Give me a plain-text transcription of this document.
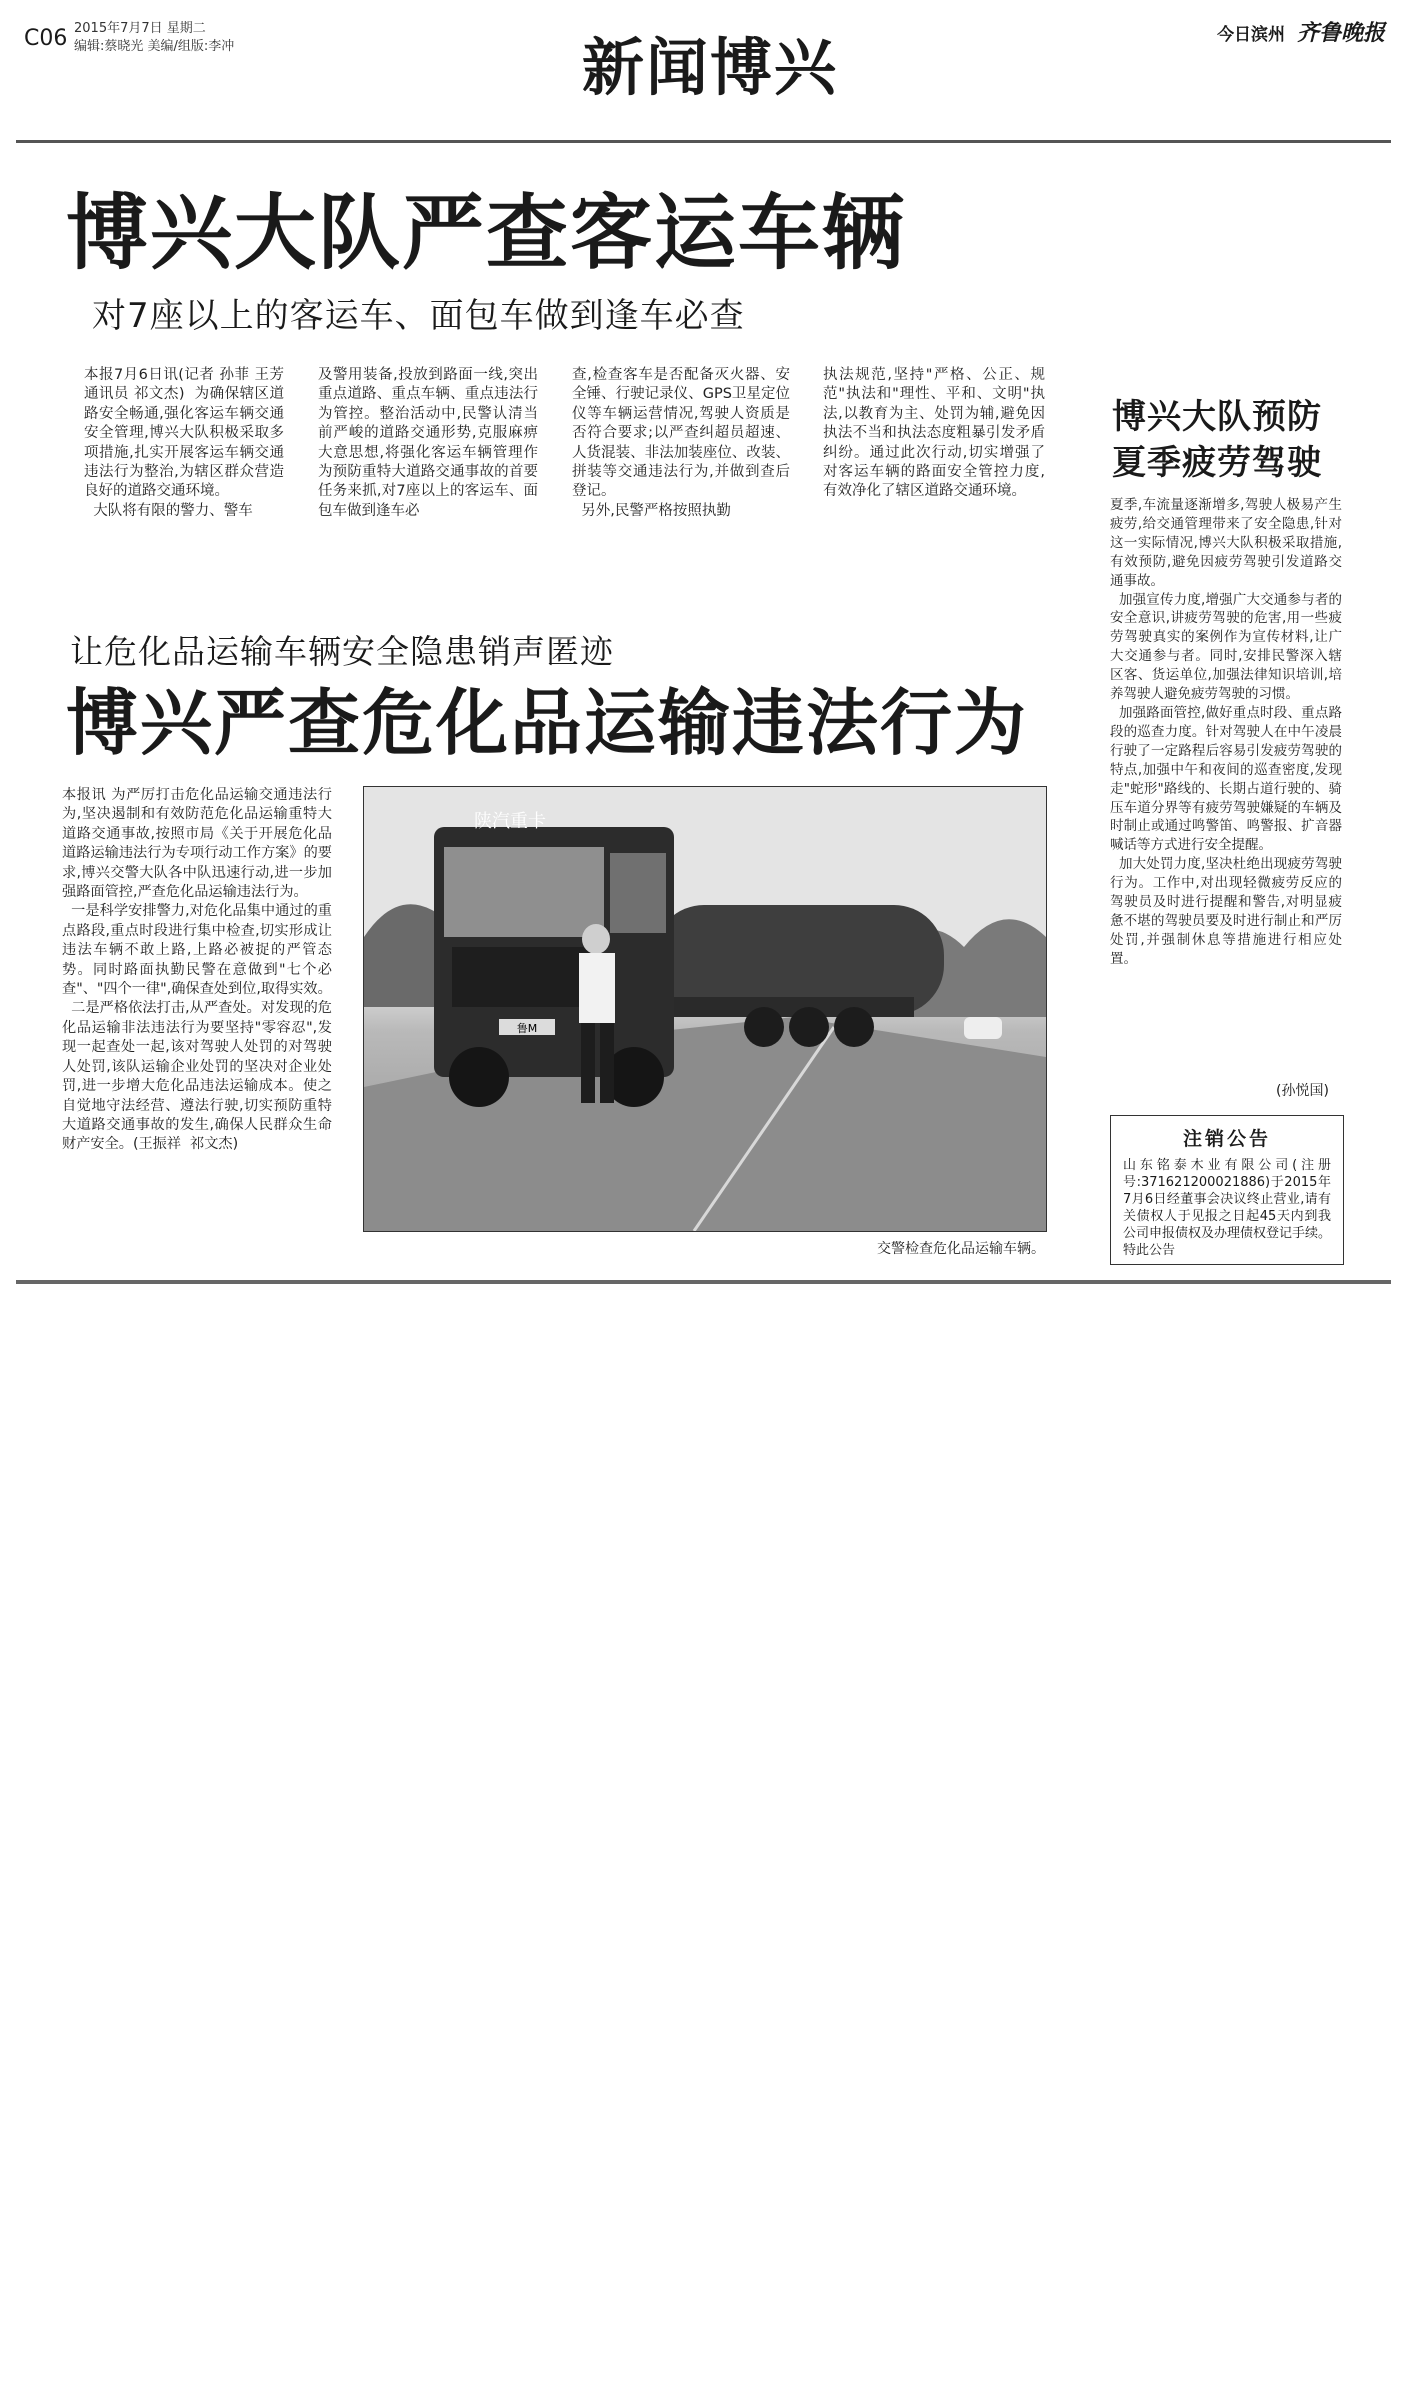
C06 2015年7月7日 星期二
编辑:蔡晓光 美编/组版:李冲	新闻博兴	今日滨州 齐鲁晚报
博兴大队严查客运车辆
对7座以上的客运车、面包车做到逢车必查
本报7月6日讯(记者 孙菲 王芳 通讯员 祁文杰)  为确保辖区道路安全畅通,强化客运车辆交通安全管理,博兴大队积极采取多项措施,扎实开展客运车辆交通违法行为整治,为辖区群众营造良好的道路交通环境。
大队将有限的警力、警车
及警用装备,投放到路面一线,突出重点道路、重点车辆、重点违法行为管控。整治活动中,民警认清当前严峻的道路交通形势,克服麻痹大意思想,将强化客运车辆管理作为预防重特大道路交通事故的首要任务来抓,对7座以上的客运车、面包车做到逢车必
查,检查客车是否配备灭火器、安全锤、行驶记录仪、GPS卫星定位仪等车辆运营情况,驾驶人资质是否符合要求;以严查纠超员超速、人货混装、非法加装座位、改装、拼装等交通违法行为,并做到查后登记。
另外,民警严格按照执勤
执法规范,坚持"严格、公正、规范"执法和"理性、平和、文明"执法,以教育为主、处罚为辅,避免因执法不当和执法态度粗暴引发矛盾纠纷。通过此次行动,切实增强了对客运车辆的路面安全管控力度,有效净化了辖区道路交通环境。
博兴大队预防
夏季疲劳驾驶
夏季,车流量逐渐增多,驾驶人极易产生疲劳,给交通管理带来了安全隐患,针对这一实际情况,博兴大队积极采取措施,有效预防,避免因疲劳驾驶引发道路交通事故。
加强宣传力度,增强广大交通参与者的安全意识,讲疲劳驾驶的危害,用一些疲劳驾驶真实的案例作为宣传材料,让广大交通参与者。同时,安排民警深入辖区客、货运单位,加强法律知识培训,培养驾驶人避免疲劳驾驶的习惯。
加强路面管控,做好重点时段、重点路段的巡查力度。针对驾驶人在中午凌晨行驶了一定路程后容易引发疲劳驾驶的特点,加强中午和夜间的巡查密度,发现走"蛇形"路线的、长期占道行驶的、骑压车道分界等有疲劳驾驶嫌疑的车辆及时制止或通过鸣警笛、鸣警报、扩音器喊话等方式进行安全提醒。
加大处罚力度,坚决杜绝出现疲劳驾驶行为。工作中,对出现轻微疲劳反应的驾驶员及时进行提醒和警告,对明显疲惫不堪的驾驶员要及时进行制止和严厉处罚,并强制休息等措施进行相应处置。
(孙悦国)
让危化品运输车辆安全隐患销声匿迹
博兴严查危化品运输违法行为
本报讯 为严厉打击危化品运输交通违法行为,坚决遏制和有效防范危化品运输重特大道路交通事故,按照市局《关于开展危化品道路运输违法行为专项行动工作方案》的要求,博兴交警大队各中队迅速行动,进一步加强路面管控,严查危化品运输违法行为。
一是科学安排警力,对危化品集中通过的重点路段,重点时段进行集中检查,切实形成让违法车辆不敢上路,上路必被捉的严管态势。同时路面执勤民警在意做到"七个必查"、"四个一律",确保查处到位,取得实效。
二是严格依法打击,从严查处。对发现的危化品运输非法违法行为要坚持"零容忍",发现一起查处一起,该对驾驶人处罚的对驾驶人处罚,该队运输企业处罚的坚决对企业处罚,进一步增大危化品违法运输成本。使之自觉地守法经营、遵法行驶,切实预防重特大道路交通事故的发生,确保人民群众生命财产安全。(王振祥  祁文杰)
陕汽重卡
鲁M
交警检查危化品运输车辆。
注销公告
山东铭泰木业有限公司(注册号:371621200021886)于2015年7月6日经董事会决议终止营业,请有关债权人于见报之日起45天内到我公司申报债权及办理债权登记手续。特此公告
